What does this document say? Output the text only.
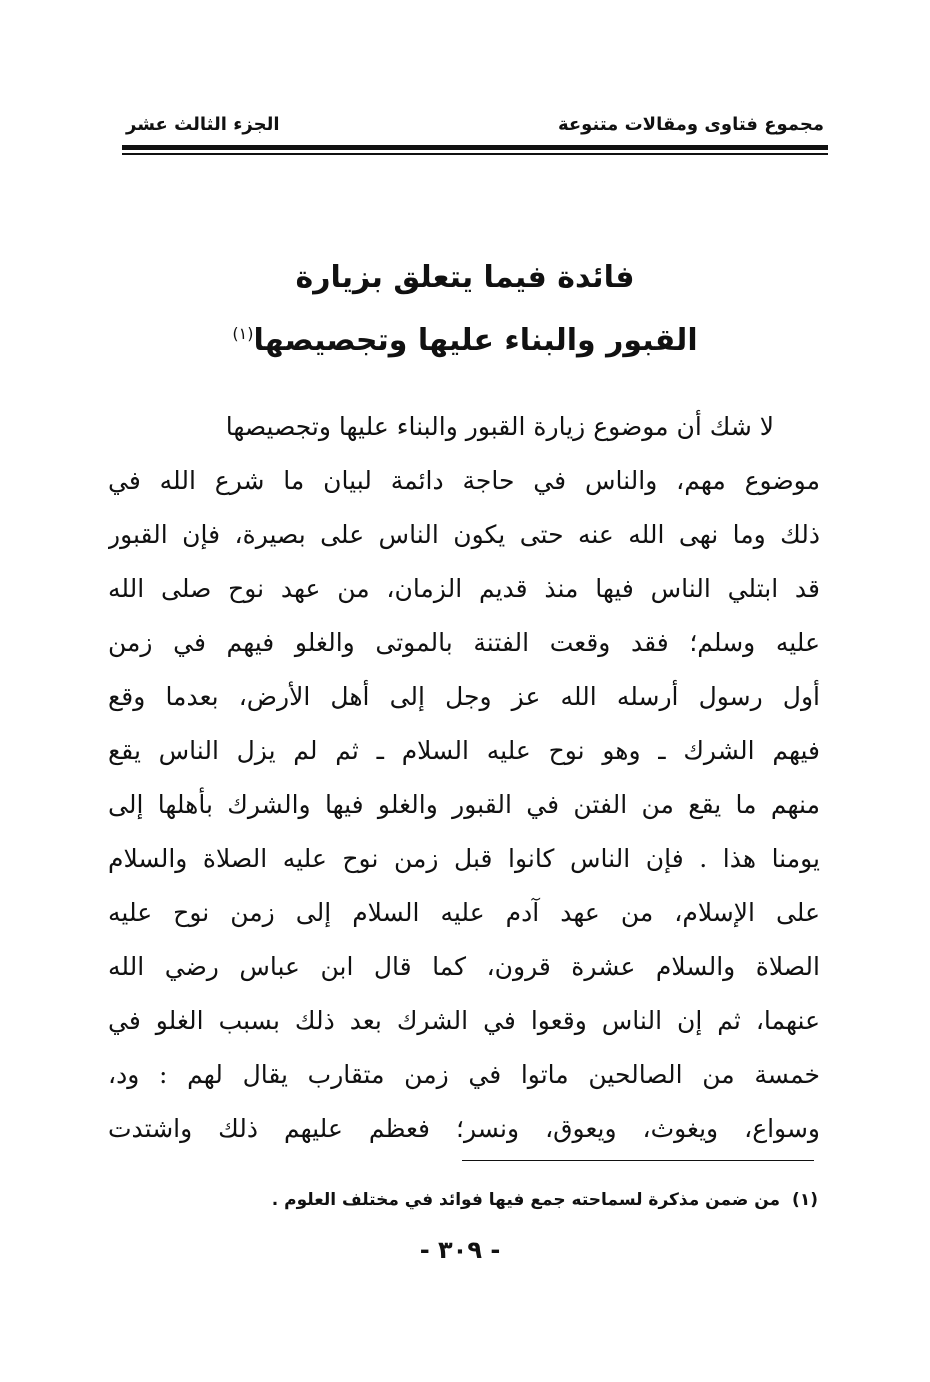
مجموع فتاوى ومقالات متنوعة
الجزء الثالث عشر
فائدة فيما يتعلق بزيارة
القبور والبناء عليها وتجصيصها$^{(١)}$
لا شك أن موضوع زيارة القبور والبناء عليها وتجصيصها
موضوع مهم، والناس في حاجة دائمة لبيان ما شرع الله في
ذلك وما نهى الله عنه حتى يكون الناس على بصيرة، فإن القبور
قد ابتلي الناس فيها منذ قديم الزمان، من عهد نوح صلى الله
عليه وسلم؛ فقد وقعت الفتنة بالموتى والغلو فيهم في زمن
أول رسول أرسله الله عز وجل إلى أهل الأرض، بعدما وقع
فيهم الشرك ـ وهو نوح عليه السلام ـ ثم لم يزل الناس يقع
منهم ما يقع من الفتن في القبور والغلو فيها والشرك بأهلها إلى
يومنا هذا . فإن الناس كانوا قبل زمن نوح عليه الصلاة والسلام
على الإسلام، من عهد آدم عليه السلام إلى زمن نوح عليه
الصلاة والسلام عشرة قرون، كما قال ابن عباس رضي الله
عنهما، ثم إن الناس وقعوا في الشرك بعد ذلك بسبب الغلو في
خمسة من الصالحين ماتوا في زمن متقارب يقال لهم : ود،
وسواع، ويغوث، ويعوق، ونسر؛ فعظم عليهم ذلك واشتدت
(١)من ضمن مذكرة لسماحته جمع فيها فوائد في مختلف العلوم .
- ٣٠٩ -
